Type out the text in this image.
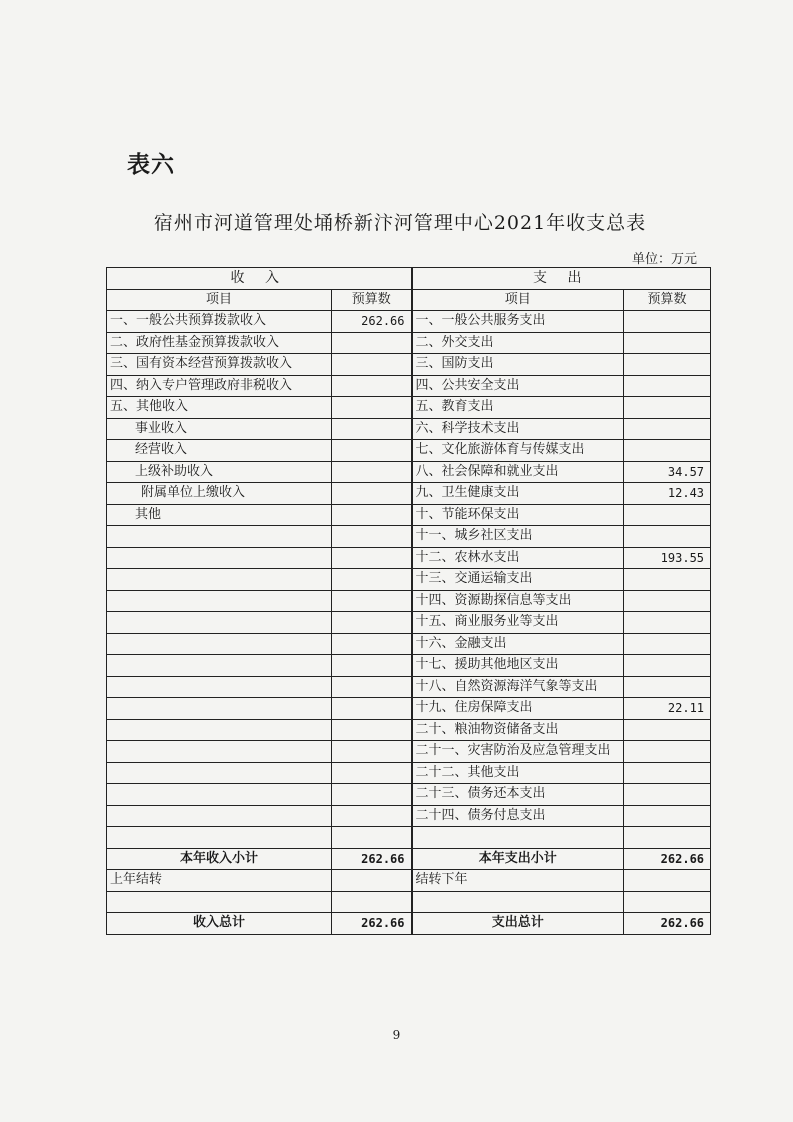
表六
宿州市河道管理处埇桥新汴河管理中心2021年收支总表
单位：万元
收 入		支 出	
项目	预算数	项目	预算数
一、一般公共预算拨款收入	262.66	一、一般公共服务支出	
二、政府性基金预算拨款收入		二、外交支出	
三、国有资本经营预算拨款收入		三、国防支出	
四、纳入专户管理政府非税收入		四、公共安全支出	
五、其他收入		五、教育支出	
事业收入		六、科学技术支出	
经营收入		七、文化旅游体育与传媒支出	
上级补助收入		八、社会保障和就业支出	34.57
附属单位上缴收入		九、卫生健康支出	12.43
其他		十、节能环保支出	
		十一、城乡社区支出	
		十二、农林水支出	193.55
		十三、交通运输支出	
		十四、资源勘探信息等支出	
		十五、商业服务业等支出	
		十六、金融支出	
		十七、援助其他地区支出	
		十八、自然资源海洋气象等支出	
		十九、住房保障支出	22.11
		二十、粮油物资储备支出	
		二十一、灾害防治及应急管理支出	
		二十二、其他支出	
		二十三、债务还本支出	
		二十四、债务付息支出	

本年收入小计	262.66	本年支出小计	262.66
上年结转		结转下年	

收入总计	262.66	支出总计	262.66
9
